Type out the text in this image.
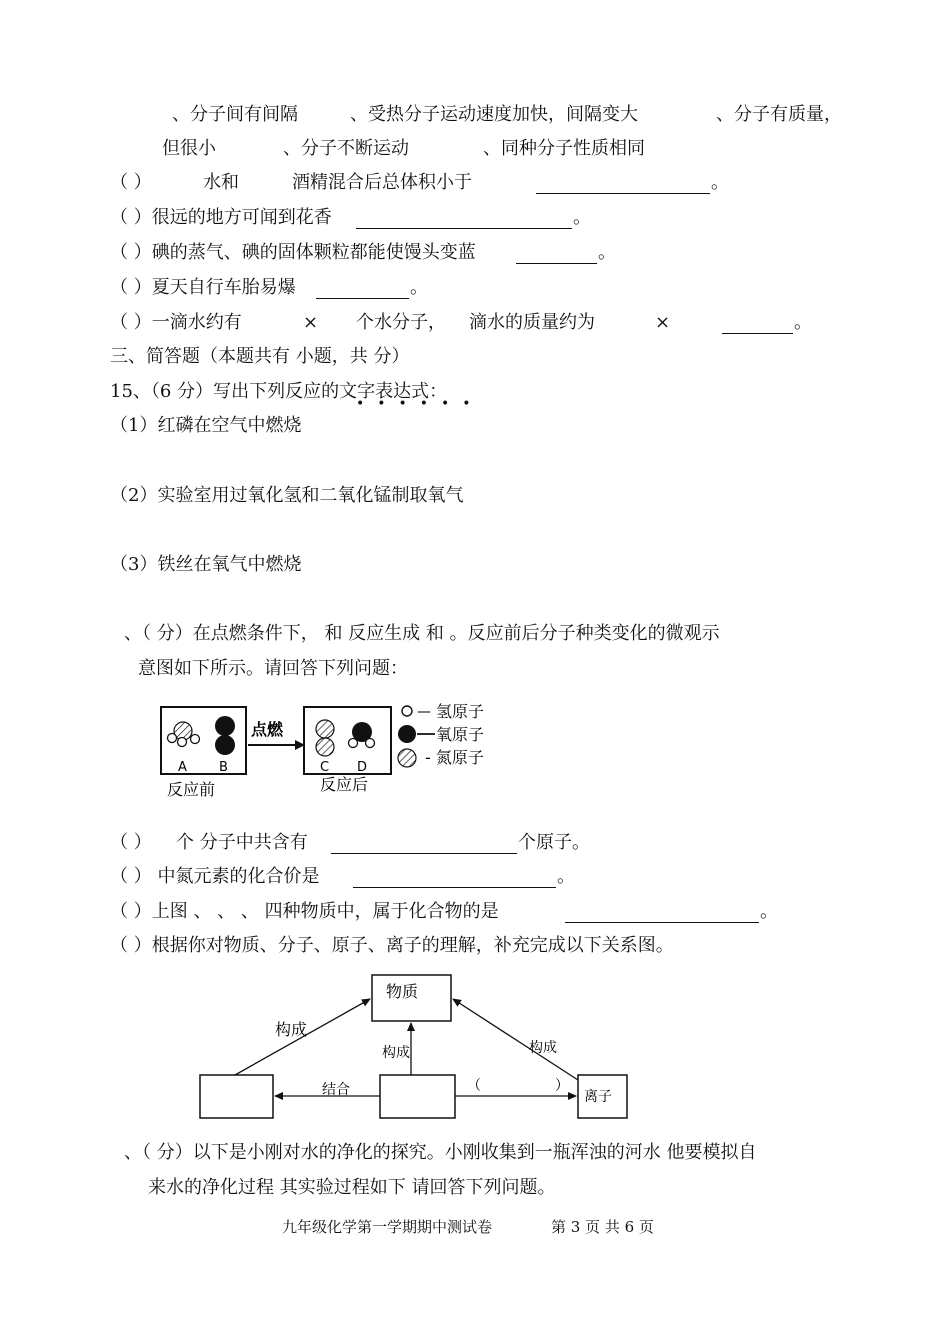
、分子间有间隔	、受热分子运动速度加快，间隔变大	、分子有质量，
但很小	、分子不断运动	、同种分子性质相同
（ ）	水和	酒精混合后总体积小于	。
（ ）很远的地方可闻到花香	。
（ ）碘的蒸气、碘的固体颗粒都能使馒头变蓝	。
（ ）夏天自行车胎易爆	。
（ ）一滴水约有	× 个水分子， 滴水的质量约为	×	。
三、简答题（本题共有 小题，共 分）
15、（6 分）写出下列反应的文字表达式：
••••••
（1）红磷在空气中燃烧
（2）实验室用过氧化氢和二氧化锰制取氧气
（3）铁丝在氧气中燃烧
、（ 分）在点燃条件下， 和 反应生成 和 。反应前后分子种类变化的微观示
意图如下所示。请回答下列问题：
A B
点燃
C D
— 氢原子
氧原子
- 氮原子
反应前	反应后
（ ） 个 分子中共含有	个原子。
（ ） 中氮元素的化合价是	。
（ ）上图 、 、 、 四种物质中，属于化合物的是	。
（ ）根据你对物质、分子、原子、离子的理解，补充完成以下关系图。
物质
离子
构成
构成	构成
结合	（	）
、（ 分）以下是小刚对水的净化的探究。小刚收集到一瓶浑浊的河水 他要模拟自
来水的净化过程 其实验过程如下 请回答下列问题。
九年级化学第一学期期中测试卷	第 3 页 共 6 页
